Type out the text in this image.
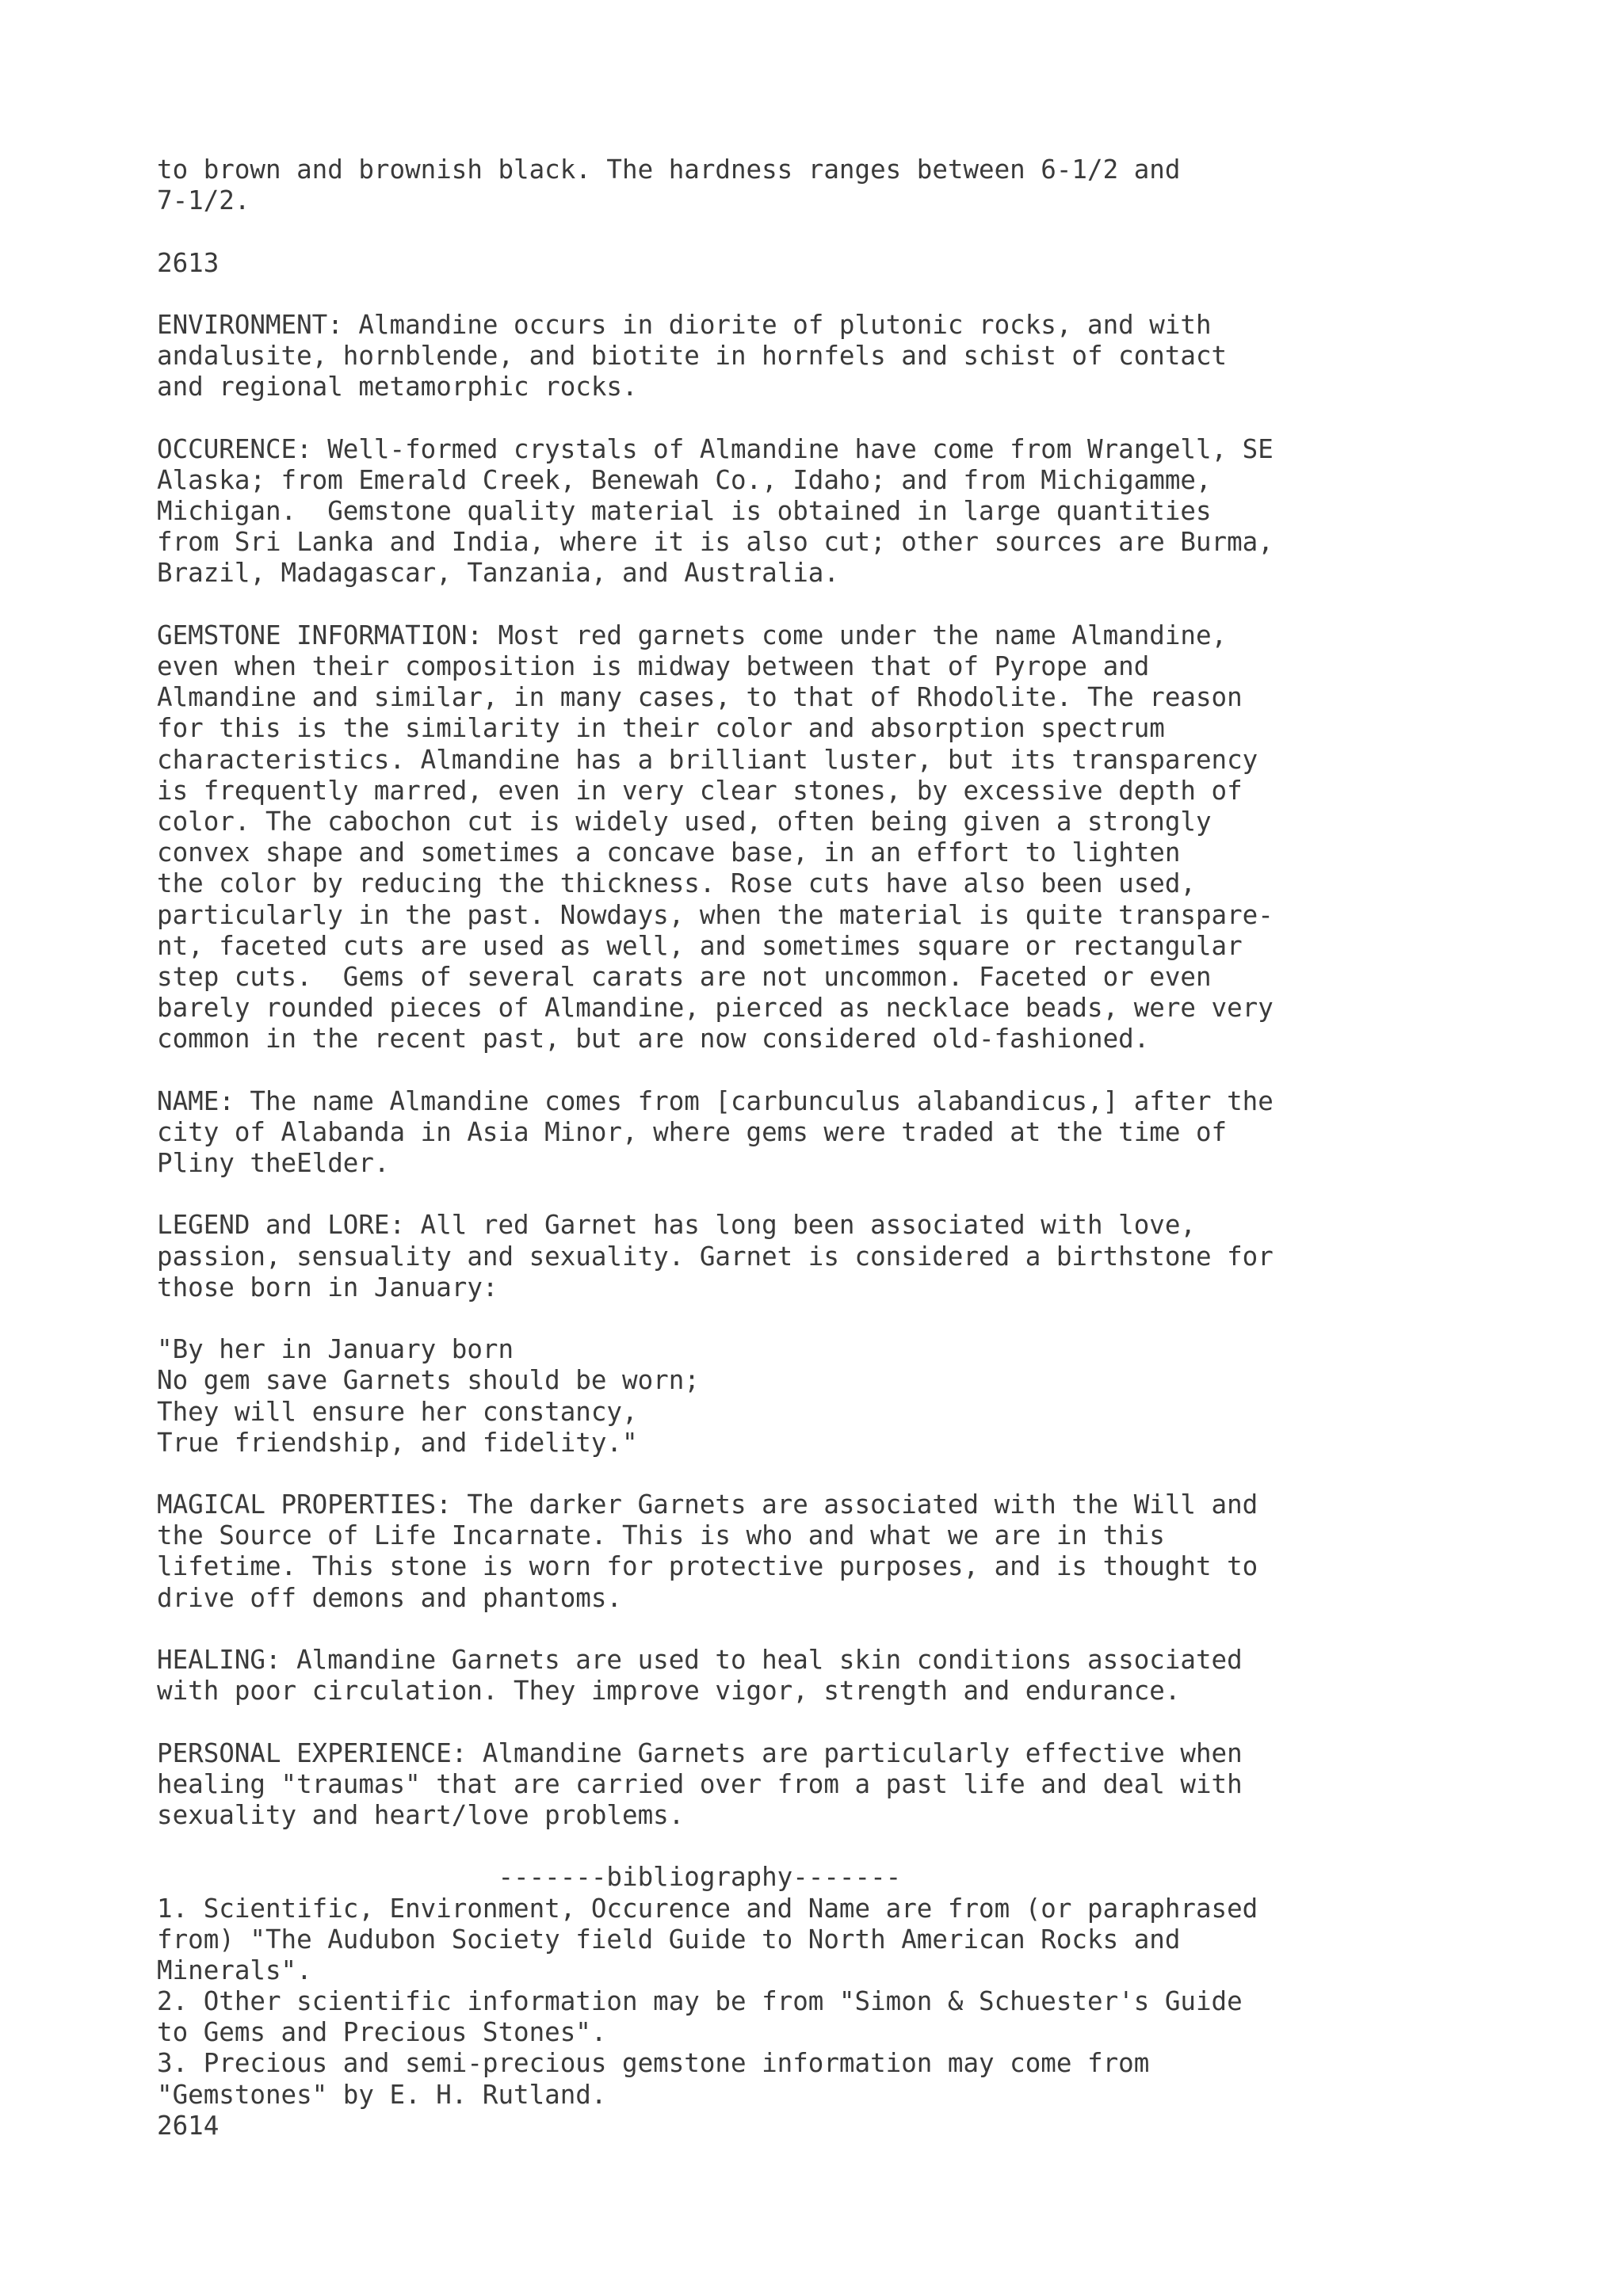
to brown and brownish black. The hardness ranges between 6-1/2 and
7-1/2.
2613
ENVIRONMENT: Almandine occurs in diorite of plutonic rocks, and with
andalusite, hornblende, and biotite in hornfels and schist of contact
and regional metamorphic rocks.
OCCURENCE: Well-formed crystals of Almandine have come from Wrangell, SE
Alaska; from Emerald Creek, Benewah Co., Idaho; and from Michigamme,
Michigan.  Gemstone quality material is obtained in large quantities
from Sri Lanka and India, where it is also cut; other sources are Burma,
Brazil, Madagascar, Tanzania, and Australia.
GEMSTONE INFORMATION: Most red garnets come under the name Almandine,
even when their composition is midway between that of Pyrope and
Almandine and similar, in many cases, to that of Rhodolite. The reason
for this is the similarity in their color and absorption spectrum
characteristics. Almandine has a brilliant luster, but its transparency
is frequently marred, even in very clear stones, by excessive depth of
color. The cabochon cut is widely used, often being given a strongly
convex shape and sometimes a concave base, in an effort to lighten
the color by reducing the thickness. Rose cuts have also been used,
particularly in the past. Nowdays, when the material is quite transpare-
nt, faceted cuts are used as well, and sometimes square or rectangular
step cuts.  Gems of several carats are not uncommon. Faceted or even
barely rounded pieces of Almandine, pierced as necklace beads, were very
common in the recent past, but are now considered old-fashioned.
NAME: The name Almandine comes from [carbunculus alabandicus,] after the
city of Alabanda in Asia Minor, where gems were traded at the time of
Pliny theElder.
LEGEND and LORE: All red Garnet has long been associated with love,
passion, sensuality and sexuality. Garnet is considered a birthstone for
those born in January:
"By her in January born
No gem save Garnets should be worn;
They will ensure her constancy,
True friendship, and fidelity."
MAGICAL PROPERTIES: The darker Garnets are associated with the Will and
the Source of Life Incarnate. This is who and what we are in this
lifetime. This stone is worn for protective purposes, and is thought to
drive off demons and phantoms.
HEALING: Almandine Garnets are used to heal skin conditions associated
with poor circulation. They improve vigor, strength and endurance.
PERSONAL EXPERIENCE: Almandine Garnets are particularly effective when
healing "traumas" that are carried over from a past life and deal with
sexuality and heart/love problems.
-------bibliography-------
1. Scientific, Environment, Occurence and Name are from (or paraphrased
from) "The Audubon Society field Guide to North American Rocks and
Minerals".
2. Other scientific information may be from "Simon & Schuester's Guide
to Gems and Precious Stones".
3. Precious and semi-precious gemstone information may come from
"Gemstones" by E. H. Rutland.
2614
